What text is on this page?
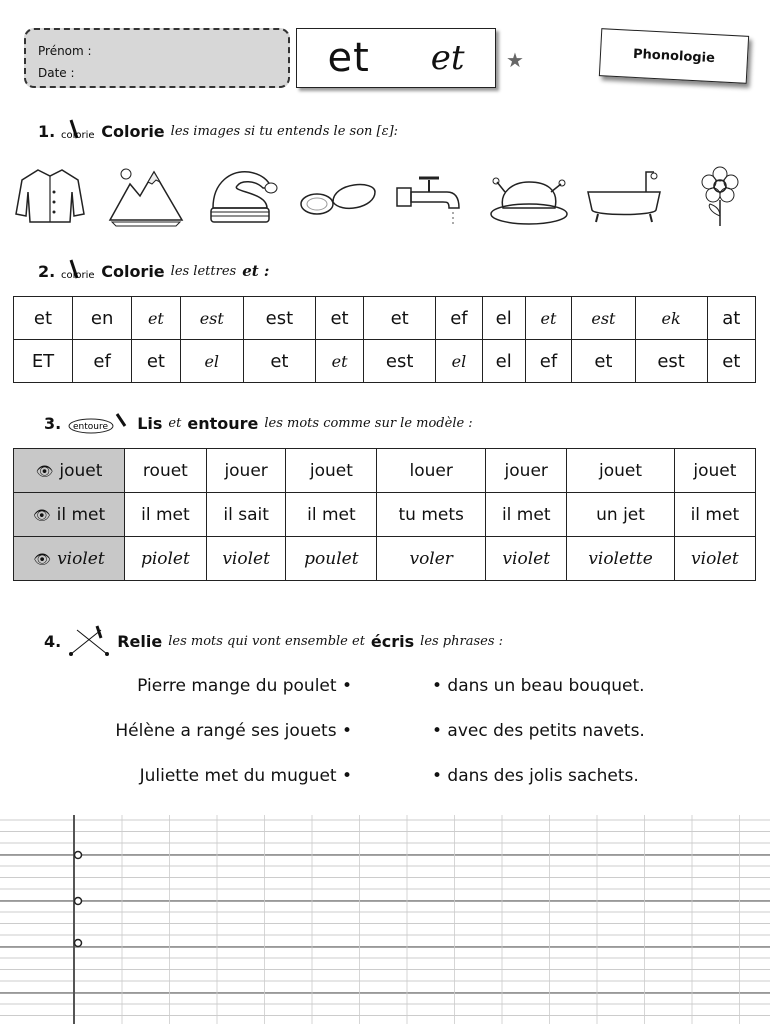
Prénom :
Date :	et et ★	Phonologie
1. colorie Colorie les images si tu entends le son [ɛ]:
2. colorie Colorie les lettres et :
et	en	et	est	est	et	et	ef	el	et	est	ek	at
ET	ef	et	el	et	et	est	el	el	ef	et	est	et
3. entoure Lis et entoure les mots comme sur le modèle :
👁 jouet	rouet	jouer	jouet	louer	jouer	jouet	jouet
👁 il met	il met	il sait	il met	tu mets	il met	un jet	il met
👁 violet	piolet	violet	poulet	voler	violet	violette	violet
4.	Relie les mots qui vont ensemble et écris les phrases :
Pierre mange du poulet •
Hélène a rangé ses jouets •
Juliette met du muguet •
• dans un beau bouquet.
• avec des petits navets.
• dans des jolis sachets.
